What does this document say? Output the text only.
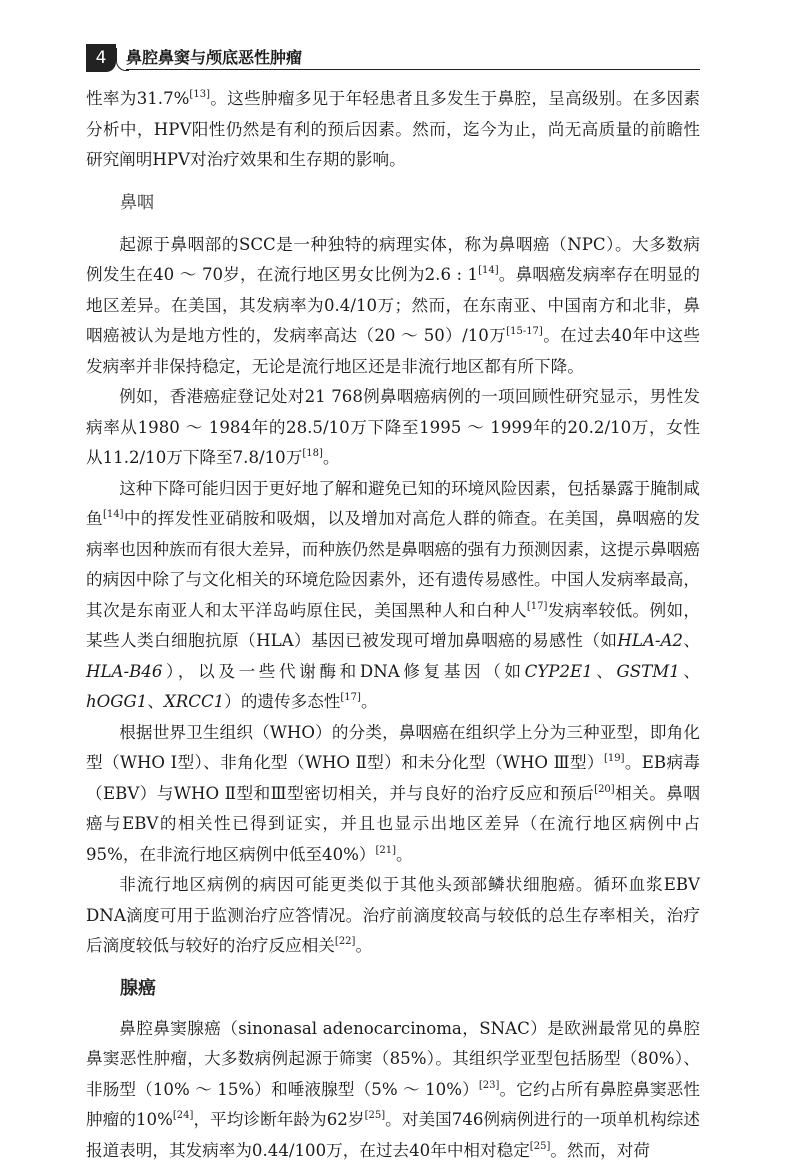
4	鼻腔鼻窦与颅底恶性肿瘤

性率为31.7%[13]。这些肿瘤多见于年轻患者且多发生于鼻腔，呈高级别。在多因素分析中，HPV阳性仍然是有利的预后因素。然而，迄今为止，尚无高质量的前瞻性研究阐明HPV对治疗效果和生存期的影响。

鼻咽

起源于鼻咽部的SCC是一种独特的病理实体，称为鼻咽癌（NPC）。大多数病例发生在40 ～ 70岁，在流行地区男女比例为2.6 : 1[14]。鼻咽癌发病率存在明显的地区差异。在美国，其发病率为0.4/10万；然而，在东南亚、中国南方和北非，鼻咽癌被认为是地方性的，发病率高达（20 ～ 50）/10万[15-17]。在过去40年中这些发病率并非保持稳定，无论是流行地区还是非流行地区都有所下降。

例如，香港癌症登记处对21 768例鼻咽癌病例的一项回顾性研究显示，男性发病率从1980 ～ 1984年的28.5/10万下降至1995 ～ 1999年的20.2/10万，女性从11.2/10万下降至7.8/10万[18]。

这种下降可能归因于更好地了解和避免已知的环境风险因素，包括暴露于腌制咸鱼[14]中的挥发性亚硝胺和吸烟，以及增加对高危人群的筛查。在美国，鼻咽癌的发病率也因种族而有很大差异，而种族仍然是鼻咽癌的强有力预测因素，这提示鼻咽癌的病因中除了与文化相关的环境危险因素外，还有遗传易感性。中国人发病率最高，其次是东南亚人和太平洋岛屿原住民，美国黑种人和白种人[17]发病率较低。例如，某些人类白细胞抗原（HLA）基因已被发现可增加鼻咽癌的易感性（如HLA-A2、HLA-B46），以及一些代谢酶和DNA修复基因（如CYP2E1、GSTM1、hOGG1、XRCC1）的遗传多态性[17]。

根据世界卫生组织（WHO）的分类，鼻咽癌在组织学上分为三种亚型，即角化型（WHO Ⅰ型）、非角化型（WHO Ⅱ型）和未分化型（WHO Ⅲ型）[19]。EB病毒（EBV）与WHO Ⅱ型和Ⅲ型密切相关，并与良好的治疗反应和预后[20]相关。鼻咽癌与EBV的相关性已得到证实，并且也显示出地区差异（在流行地区病例中占95%，在非流行地区病例中低至40%）[21]。

非流行地区病例的病因可能更类似于其他头颈部鳞状细胞癌。循环血浆EBV DNA滴度可用于监测治疗应答情况。治疗前滴度较高与较低的总生存率相关，治疗后滴度较低与较好的治疗反应相关[22]。

腺癌

鼻腔鼻窦腺癌（sinonasal adenocarcinoma，SNAC）是欧洲最常见的鼻腔鼻窦恶性肿瘤，大多数病例起源于筛窦（85%）。其组织学亚型包括肠型（80%）、非肠型（10% ～ 15%）和唾液腺型（5% ～ 10%）[23]。它约占所有鼻腔鼻窦恶性肿瘤的10%[24]，平均诊断年龄为62岁[25]。对美国746例病例进行的一项单机构综述报道表明，其发病率为0.44/100万，在过去40年中相对稳定[25]。然而，对荷
